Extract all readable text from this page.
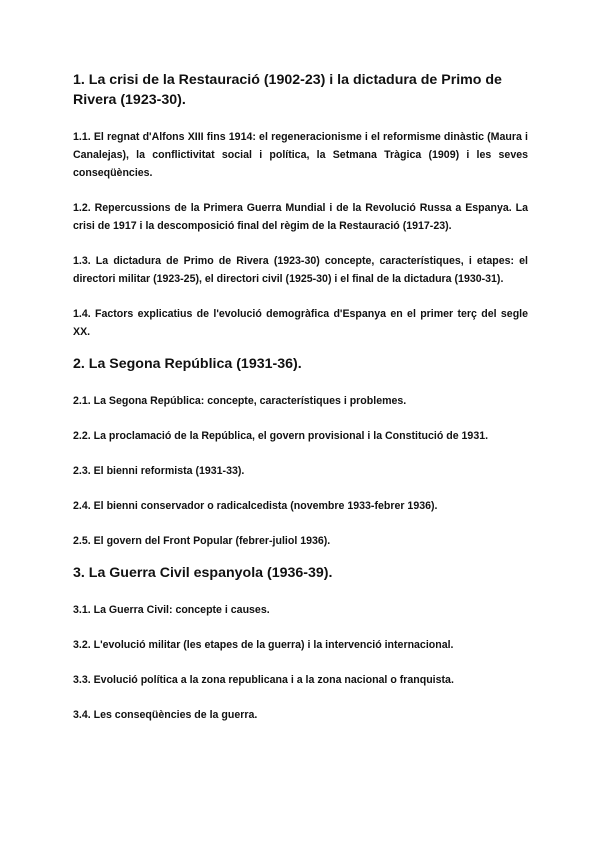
1. La crisi de la Restauració (1902-23) i la dictadura de Primo de Rivera (1923-30).

1.1. El regnat d'Alfons XIII fins 1914: el regeneracionisme i el reformisme dinàstic (Maura i Canalejas), la conflictivitat social i política, la Setmana Tràgica (1909) i les seves conseqüències.

1.2. Repercussions de la Primera Guerra Mundial i de la Revolució Russa a Espanya. La crisi de 1917 i la descomposició final del règim de la Restauració (1917-23).

1.3. La dictadura de Primo de Rivera (1923-30) concepte, característiques, i etapes: el directori militar (1923-25), el directori civil (1925-30) i el final de la dictadura (1930-31).

1.4. Factors explicatius de l'evolució demogràfica d'Espanya en el primer terç del segle XX.

2. La Segona República (1931-36).

2.1. La Segona República: concepte, característiques i problemes.

2.2. La proclamació de la República, el govern provisional i la Constitució de 1931.

2.3. El bienni reformista (1931-33).

2.4. El bienni conservador o radicalcedista (novembre 1933-febrer 1936).

2.5. El govern del Front Popular (febrer-juliol 1936).

3. La Guerra Civil espanyola (1936-39).

3.1. La Guerra Civil: concepte i causes.

3.2. L'evolució militar (les etapes de la guerra) i la intervenció internacional.

3.3. Evolució política a la zona republicana i a la zona nacional o franquista.

3.4. Les conseqüències de la guerra.
